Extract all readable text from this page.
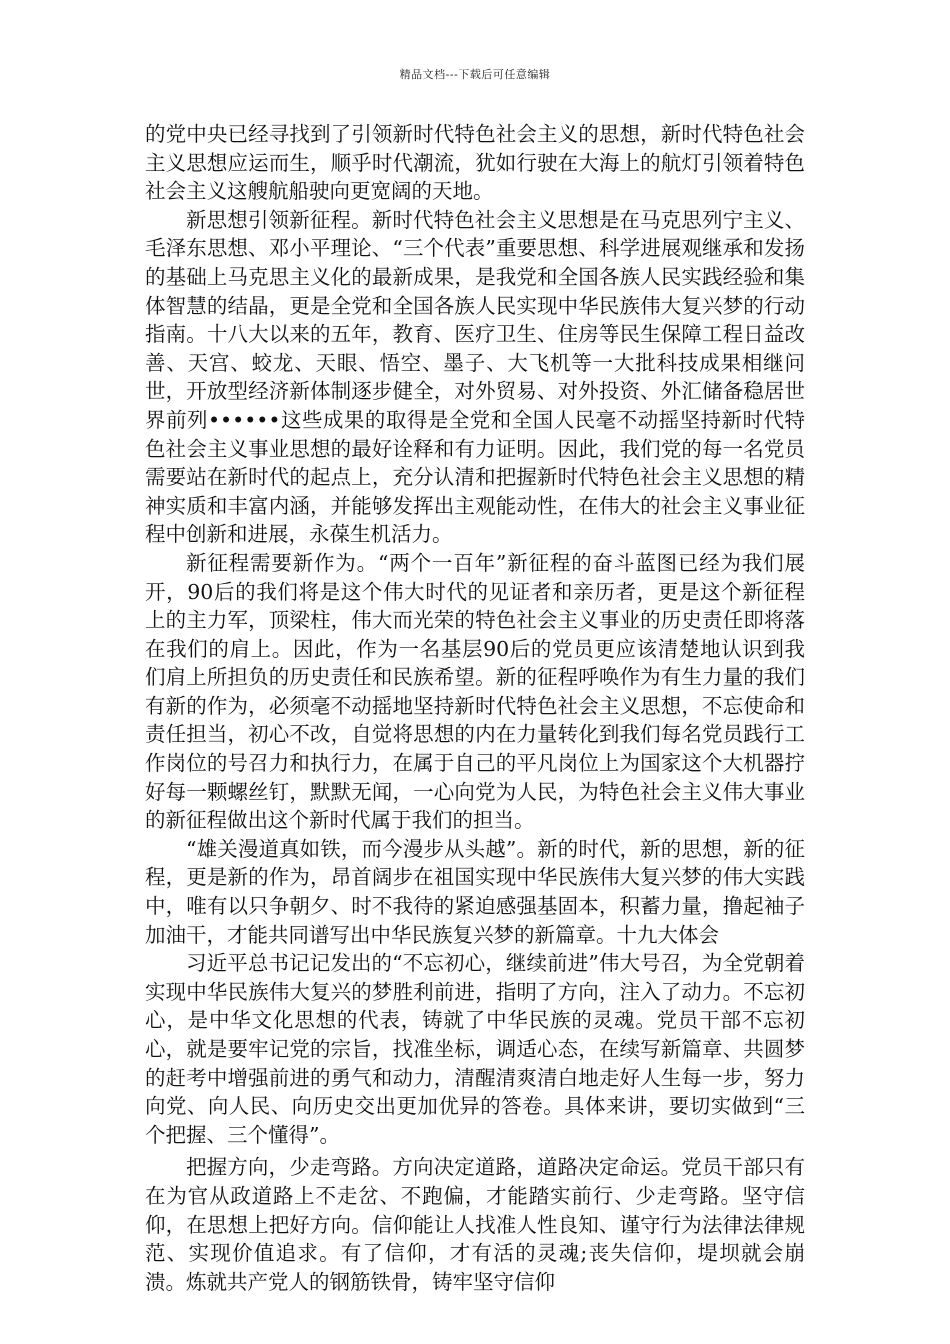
精品文档---下载后可任意编辑

的党中央已经寻找到了引领新时代特色社会主义的思想，新时代特色社会主义思想应运而生，顺乎时代潮流，犹如行驶在大海上的航灯引领着特色社会主义这艘航船驶向更宽阔的天地。

新思想引领新征程。新时代特色社会主义思想是在马克思列宁主义、毛泽东思想、邓小平理论、“三个代表”重要思想、科学进展观继承和发扬的基础上马克思主义化的最新成果，是我党和全国各族人民实践经验和集体智慧的结晶，更是全党和全国各族人民实现中华民族伟大复兴梦的行动指南。十八大以来的五年，教育、医疗卫生、住房等民生保障工程日益改善、天宫、蛟龙、天眼、悟空、墨子、大飞机等一大批科技成果相继问世，开放型经济新体制逐步健全，对外贸易、对外投资、外汇储备稳居世界前列••••••这些成果的取得是全党和全国人民毫不动摇坚持新时代特色社会主义事业思想的最好诠释和有力证明。因此，我们党的每一名党员需要站在新时代的起点上，充分认清和把握新时代特色社会主义思想的精神实质和丰富内涵，并能够发挥出主观能动性，在伟大的社会主义事业征程中创新和进展，永葆生机活力。

新征程需要新作为。“两个一百年”新征程的奋斗蓝图已经为我们展开，90后的我们将是这个伟大时代的见证者和亲历者，更是这个新征程上的主力军，顶梁柱，伟大而光荣的特色社会主义事业的历史责任即将落在我们的肩上。因此，作为一名基层90后的党员更应该清楚地认识到我们肩上所担负的历史责任和民族希望。新的征程呼唤作为有生力量的我们有新的作为，必须毫不动摇地坚持新时代特色社会主义思想，不忘使命和责任担当，初心不改，自觉将思想的内在力量转化到我们每名党员践行工作岗位的号召力和执行力，在属于自己的平凡岗位上为国家这个大机器拧好每一颗螺丝钉，默默无闻，一心向党为人民，为特色社会主义伟大事业的新征程做出这个新时代属于我们的担当。

“雄关漫道真如铁，而今漫步从头越”。新的时代，新的思想，新的征程，更是新的作为，昂首阔步在祖国实现中华民族伟大复兴梦的伟大实践中，唯有以只争朝夕、时不我待的紧迫感强基固本，积蓄力量，撸起袖子加油干，才能共同谱写出中华民族复兴梦的新篇章。十九大体会

习近平总书记记发出的“不忘初心，继续前进”伟大号召，为全党朝着实现中华民族伟大复兴的梦胜利前进，指明了方向，注入了动力。不忘初心，是中华文化思想的代表，铸就了中华民族的灵魂。党员干部不忘初心，就是要牢记党的宗旨，找准坐标，调适心态，在续写新篇章、共圆梦的赶考中增强前进的勇气和动力，清醒清爽清白地走好人生每一步，努力向党、向人民、向历史交出更加优异的答卷。具体来讲，要切实做到“三个把握、三个懂得”。

把握方向，少走弯路。方向决定道路，道路决定命运。党员干部只有在为官从政道路上不走岔、不跑偏，才能踏实前行、少走弯路。坚守信仰，在思想上把好方向。信仰能让人找准人性良知、谨守行为法律法律规范、实现价值追求。有了信仰，才有活的灵魂;丧失信仰，堤坝就会崩溃。炼就共产党人的钢筋铁骨，铸牢坚守信仰
